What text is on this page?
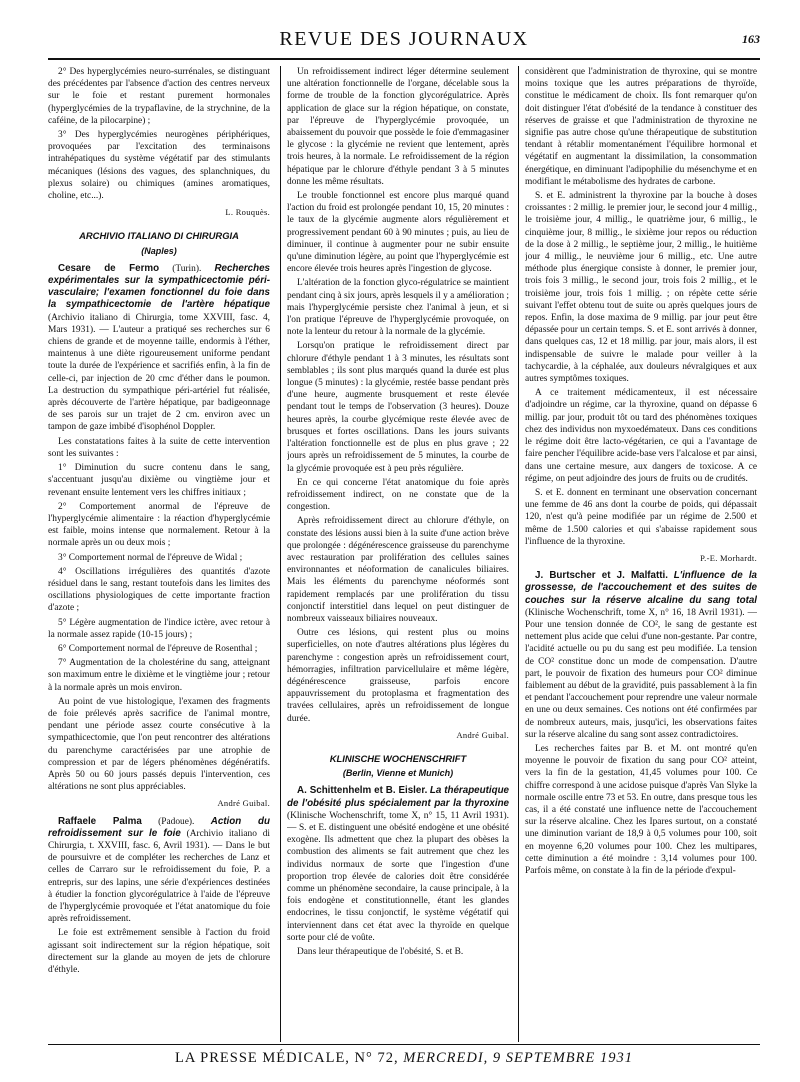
REVUE DES JOURNAUX	163

2° Des hyperglycémies neuro-surrénales, se distinguant des précédentes par l'absence d'action des centres nerveux sur le foie et restant purement hormonales (hyperglycémies de la trypaflavine, de la strychnine, de la caféine, de la pilocarpine) ;

3° Des hyperglycémies neurogènes périphériques, provoquées par l'excitation des terminaisons intrahépatiques du système végétatif par des stimulants mécaniques (lésions des vagues, des splanchniques, du plexus solaire) ou chimiques (amines aromatiques, choline, etc...).

L. Rouquès.
ARCHIVIO ITALIANO DI CHIRURGIA
(Naples)

Cesare de Fermo (Turin). Recherches expérimentales sur la sympathicectomie péri-vasculaire; l'examen fonctionnel du foie dans la sympathicectomie de l'artère hépatique (Archivio italiano di Chirurgia, tome XXVIII, fasc. 4, Mars 1931). — L'auteur a pratiqué ses recherches sur 6 chiens de grande et de moyenne taille, endormis à l'éther, maintenus à une diète rigoureusement uniforme pendant toute la durée de l'expérience et sacrifiés enfin, à la fin de celle-ci, par injection de 20 cmc d'éther dans le poumon. La destruction du sympathique péri-artériel fut réalisée, après découverte de l'artère hépatique, par badigeonnage de ses parois sur un trajet de 2 cm. environ avec un tampon de gaze imbibé d'isophénol Doppler.

Les constatations faites à la suite de cette intervention sont les suivantes :

1° Diminution du sucre contenu dans le sang, s'accentuant jusqu'au dixième ou vingtième jour et revenant ensuite lentement vers les chiffres initiaux ;

2° Comportement anormal de l'épreuve de l'hyperglycémie alimentaire : la réaction d'hyperglycémie est faible, moins intense que normalement. Retour à la normale après un ou deux mois ;

3° Comportement normal de l'épreuve de Widal ;

4° Oscillations irrégulières des quantités d'azote résiduel dans le sang, restant toutefois dans les limites des oscillations physiologiques de cette importante fraction d'azote ;

5° Légère augmentation de l'indice ictère, avec retour à la normale assez rapide (10-15 jours) ;

6° Comportement normal de l'épreuve de Rosenthal ;

7° Augmentation de la cholestérine du sang, atteignant son maximum entre le dixième et le vingtième jour ; retour à la normale après un mois environ.

Au point de vue histologique, l'examen des fragments de foie prélevés après sacrifice de l'animal montre, pendant une période assez courte consécutive à la sympathicectomie, que l'on peut rencontrer des altérations du parenchyme caractérisées par une atrophie de compression et par de légers phénomènes dégénératifs. Après 50 ou 60 jours passés depuis l'intervention, ces altérations ne sont plus appréciables.

André Guibal.

Raffaele Palma (Padoue). Action du refroidissement sur le foie (Archivio italiano di Chirurgia, t. XXVIII, fasc. 6, Avril 1931). — Dans le but de poursuivre et de compléter les recherches de Lanz et celles de Carraro sur le refroidissement du foie, P. a entrepris, sur des lapins, une série d'expériences destinées à étudier la fonction glycorégulatrice à l'aide de l'épreuve de l'hyperglycémie provoquée et l'état anatomique du foie après refroidissement.

Le foie est extrêmement sensible à l'action du froid agissant soit indirectement sur la région hépatique, soit directement sur la glande au moyen de jets de chlorure d'éthyle.

Un refroidissement indirect léger détermine seulement une altération fonctionnelle de l'organe, décelable sous la forme de trouble de la fonction glycorégulatrice. Après application de glace sur la région hépatique, on constate, par l'épreuve de l'hyperglycémie provoquée, un abaissement du pouvoir que possède le foie d'emmagasiner le glycose : la glycémie ne revient que lentement, après trois heures, à la normale. Le refroidissement de la région hépatique par le chlorure d'éthyle pendant 3 à 5 minutes donne les même résultats.

Le trouble fonctionnel est encore plus marqué quand l'action du froid est prolongée pendant 10, 15, 20 minutes : le taux de la glycémie augmente alors régulièrement et progressivement pendant 60 à 90 minutes ; puis, au lieu de diminuer, il continue à augmenter pour ne subir ensuite qu'une diminution légère, au point que l'hyperglycémie est encore élevée trois heures après l'ingestion de glycose.

L'altération de la fonction glyco-régulatrice se maintient pendant cinq à six jours, après lesquels il y a amélioration ; mais l'hyperglycémie persiste chez l'animal à jeun, et si l'on pratique l'épreuve de l'hyperglycémie provoquée, on note la lenteur du retour à la normale de la glycémie.

Lorsqu'on pratique le refroidissement direct par chlorure d'éthyle pendant 1 à 3 minutes, les résultats sont semblables ; ils sont plus marqués quand la durée est plus longue (5 minutes) : la glycémie, restée basse pendant près d'une heure, augmente brusquement et reste élevée pendant tout le temps de l'observation (3 heures). Douze heures après, la courbe glycémique reste élevée avec de brusques et fortes oscillations. Dans les jours suivants l'altération fonctionnelle est de plus en plus grave ; 22 jours après un refroidissement de 5 minutes, la courbe de la glycémie provoquée est à peu près régulière.

En ce qui concerne l'état anatomique du foie après refroidissement indirect, on ne constate que de la congestion.

Après refroidissement direct au chlorure d'éthyle, on constate des lésions aussi bien à la suite d'une action brève que prolongée : dégénérescence graisseuse du parenchyme avec restauration par prolifération des cellules saines environnantes et néoformation de canalicules biliaires. Mais les éléments du parenchyme néoformés sont rapidement remplacés par une prolifération du tissu conjonctif interstitiel dans lequel on peut distinguer de nombreux vaisseaux biliaires nouveaux.

Outre ces lésions, qui restent plus ou moins superficielles, on note d'autres altérations plus légères du parenchyme : congestion après un refroidissement court, hémorragies, infiltration parvicellulaire et même légère, dégénérescence graisseuse, parfois encore appauvrissement du protoplasma et fragmentation des travées cellulaires, après un refroidissement de longue durée.

André Guibal.
KLINISCHE WOCHENSCHRIFT
(Berlin, Vienne et Munich)

A. Schittenhelm et B. Eisler. La thérapeutique de l'obésité plus spécialement par la thyroxine (Klinische Wochenschrift, tome X, n° 15, 11 Avril 1931). — S. et E. distinguent une obésité endogène et une obésité exogène. Ils admettent que chez la plupart des obèses la combustion des aliments se fait autrement que chez les individus normaux de sorte que l'ingestion d'une proportion trop élevée de calories doit être considérée comme un phénomène secondaire, la cause principale, à la fois endogène et constitutionnelle, étant les glandes endocrines, le tissu conjonctif, le système végétatif qui interviennent dans cet état avec la thyroïde en quelque sorte pour clé de voûte.

Dans leur thérapeutique de l'obésité, S. et B.

considèrent que l'administration de thyroxine, qui se montre moins toxique que les autres préparations de thyroïde, constitue le médicament de choix. Ils font remarquer qu'on doit distinguer l'état d'obésité de la tendance à constituer des réserves de graisse et que l'administration de thyroxine ne signifie pas autre chose qu'une thérapeutique de substitution tendant à rétablir momentanément l'équilibre hormonal et végétatif en augmentant la dissimilation, la consommation énergétique, en diminuant l'adipophilie du mésenchyme et en modifiant le métabolisme des hydrates de carbone.

S. et E. administrent la thyroxine par la bouche à doses croissantes : 2 millig. le premier jour, le second jour 4 millig., le troisième jour, 4 millig., le quatrième jour, 6 millig., le cinquième jour, 8 millig., le sixième jour repos ou réduction de la dose à 2 millig., le septième jour, 2 millig., le huitième jour 4 millig., le neuvième jour 6 millig., etc. Une autre méthode plus énergique consiste à donner, le premier jour, trois fois 3 millig., le second jour, trois fois 2 millig., et le troisième jour, trois fois 1 millig. ; on répète cette série suivant l'effet obtenu tout de suite ou après quelques jours de repos. Enfin, la dose maxima de 9 millig. par jour peut être dépassée pour un certain temps. S. et E. sont arrivés à donner, dans quelques cas, 12 et 18 millig. par jour, mais alors, il est indispensable de suivre le malade pour veiller à la tachycardie, à la céphalée, aux douleurs névralgiques et aux autres symptômes toxiques.

A ce traitement médicamenteux, il est nécessaire d'adjoindre un régime, car la thyroxine, quand on dépasse 6 millig. par jour, produit tôt ou tard des phénomènes toxiques chez des individus non myxoedémateux. Dans ces conditions le régime doit être lacto-végétarien, ce qui a l'avantage de faire pencher l'équilibre acide-base vers l'alcalose et par ainsi, dans une certaine mesure, aux dangers de toxicose. A ce régime, on peut adjoindre des jours de fruits ou de crudités.

S. et E. donnent en terminant une observation concernant une femme de 46 ans dont la courbe de poids, qui dépassait 120, n'est qu'à peine modifiée par un régime de 2.500 et même de 1.500 calories et qui s'abaisse rapidement sous l'influence de la thyroxine.

P.-E. Morhardt.

J. Burtscher et J. Malfatti. L'influence de la grossesse, de l'accouchement et des suites de couches sur la réserve alcaline du sang total (Klinische Wochenschrift, tome X, n° 16, 18 Avril 1931). — Pour une tension donnée de CO², le sang de gestante est nettement plus acide que celui d'une non-gestante. Par contre, l'acidité actuelle ou pu du sang est peu modifiée. La tension de CO² constitue donc un mode de compensation. D'autre part, le pouvoir de fixation des humeurs pour CO² diminue faiblement au début de la gravidité, puis passablement à la fin et pendant l'accouchement pour reprendre une valeur normale en une ou deux semaines. Ces notions ont été confirmées par de nombreux auteurs, mais, jusqu'ici, les observations faites sur la réserve alcaline du sang sont assez contradictoires.

Les recherches faites par B. et M. ont montré qu'en moyenne le pouvoir de fixation du sang pour CO² atteint, vers la fin de la gestation, 41,45 volumes pour 100. Ce chiffre correspond à une acidose puisque d'après Van Slyke la normale oscille entre 73 et 53. En outre, dans presque tous les cas, il a été constaté une influence nette de l'accouchement sur la réserve alcaline. Chez les Ipares surtout, on a constaté une diminution variant de 18,9 à 0,5 volumes pour 100, soit en moyenne 6,20 volumes pour 100. Chez les multipares, cette diminution a été moindre : 3,14 volumes pour 100. Parfois même, on constate à la fin de la période d'expul-

LA PRESSE MÉDICALE, N° 72, MERCREDI, 9 SEPTEMBRE 1931
